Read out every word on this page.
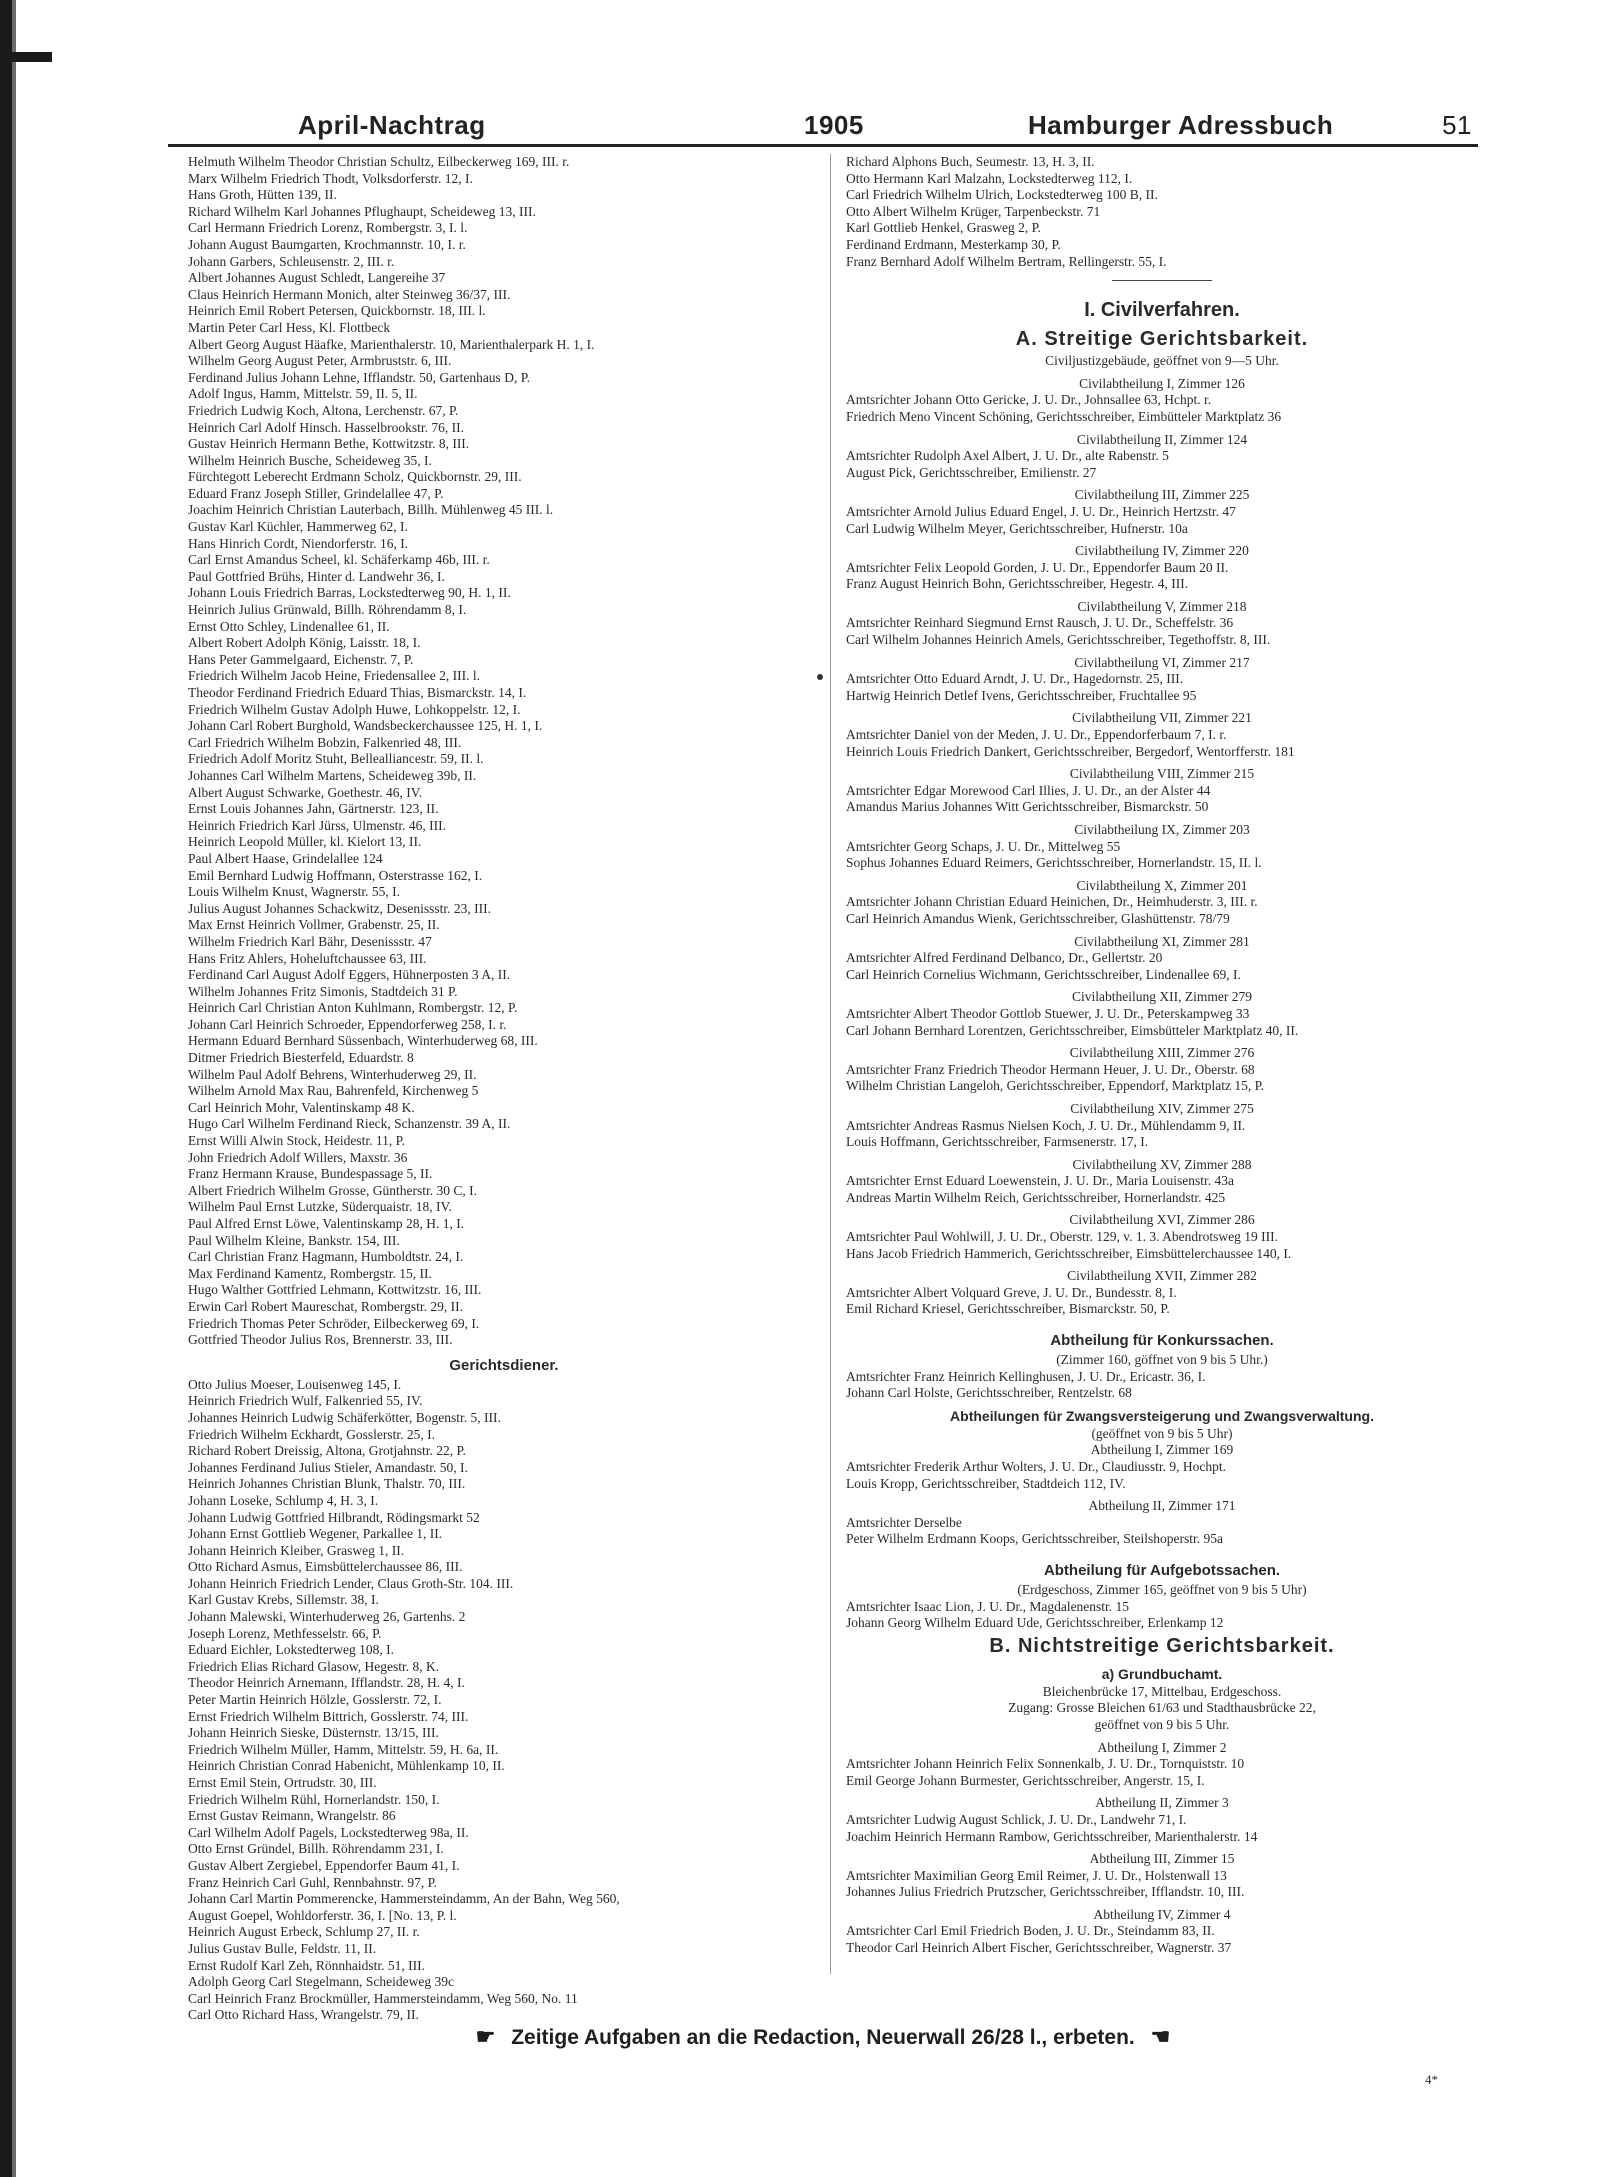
April-Nachtrag	1905	Hamburger Adressbuch	51
Helmuth Wilhelm Theodor Christian Schultz, Eilbeckerweg 169, III. r.
Marx Wilhelm Friedrich Thodt, Volksdorferstr. 12, I.
Hans Groth, Hütten 139, II.
Richard Wilhelm Karl Johannes Pflughaupt, Scheideweg 13, III.
Carl Hermann Friedrich Lorenz, Rombergstr. 3, I. l.
Johann August Baumgarten, Krochmannstr. 10, I. r.
Johann Garbers, Schleusenstr. 2, III. r.
Albert Johannes August Schledt, Langereihe 37
Claus Heinrich Hermann Monich, alter Steinweg 36/37, III.
Heinrich Emil Robert Petersen, Quickbornstr. 18, III. l.
Martin Peter Carl Hess, Kl. Flottbeck
Albert Georg August Häafke, Marienthalerstr. 10, Marienthalerpark H. 1, I.
Wilhelm Georg August Peter, Armbruststr. 6, III.
Ferdinand Julius Johann Lehne, Ifflandstr. 50, Gartenhaus D, P.
Adolf Ingus, Hamm, Mittelstr. 59, II. 5, II.
Friedrich Ludwig Koch, Altona, Lerchenstr. 67, P.
Heinrich Carl Adolf Hinsch. Hasselbrookstr. 76, II.
Gustav Heinrich Hermann Bethe, Kottwitzstr. 8, III.
Wilhelm Heinrich Busche, Scheideweg 35, I.
Fürchtegott Leberecht Erdmann Scholz, Quickbornstr. 29, III.
Eduard Franz Joseph Stiller, Grindelallee 47, P.
Joachim Heinrich Christian Lauterbach, Billh. Mühlenweg 45 III. l.
Gustav Karl Küchler, Hammerweg 62, I.
Hans Hinrich Cordt, Niendorferstr. 16, I.
Carl Ernst Amandus Scheel, kl. Schäferkamp 46b, III. r.
Paul Gottfried Brühs, Hinter d. Landwehr 36, I.
Johann Louis Friedrich Barras, Lockstedterweg 90, H. 1, II.
Heinrich Julius Grünwald, Billh. Röhrendamm 8, I.
Ernst Otto Schley, Lindenallee 61, II.
Albert Robert Adolph König, Laisstr. 18, I.
Hans Peter Gammelgaard, Eichenstr. 7, P.
Friedrich Wilhelm Jacob Heine, Friedensallee 2, III. l.
Theodor Ferdinand Friedrich Eduard Thias, Bismarckstr. 14, I.
Friedrich Wilhelm Gustav Adolph Huwe, Lohkoppelstr. 12, I.
Johann Carl Robert Burghold, Wandsbeckerchaussee 125, H. 1, I.
Carl Friedrich Wilhelm Bobzin, Falkenried 48, III.
Friedrich Adolf Moritz Stuht, Bellealliancestr. 59, II. l.
Johannes Carl Wilhelm Martens, Scheideweg 39b, II.
Albert August Schwarke, Goethestr. 46, IV.
Ernst Louis Johannes Jahn, Gärtnerstr. 123, II.
Heinrich Friedrich Karl Jürss, Ulmenstr. 46, III.
Heinrich Leopold Müller, kl. Kielort 13, II.
Paul Albert Haase, Grindelallee 124
Emil Bernhard Ludwig Hoffmann, Osterstrasse 162, I.
Louis Wilhelm Knust, Wagnerstr. 55, I.
Julius August Johannes Schackwitz, Desenissstr. 23, III.
Max Ernst Heinrich Vollmer, Grabenstr. 25, II.
Wilhelm Friedrich Karl Bähr, Desenissstr. 47
Hans Fritz Ahlers, Hoheluftchaussee 63, III.
Ferdinand Carl August Adolf Eggers, Hühnerposten 3 A, II.
Wilhelm Johannes Fritz Simonis, Stadtdeich 31 P.
Heinrich Carl Christian Anton Kuhlmann, Rombergstr. 12, P.
Johann Carl Heinrich Schroeder, Eppendorferweg 258, I. r.
Hermann Eduard Bernhard Süssenbach, Winterhuderweg 68, III.
Ditmer Friedrich Biesterfeld, Eduardstr. 8
Wilhelm Paul Adolf Behrens, Winterhuderweg 29, II.
Wilhelm Arnold Max Rau, Bahrenfeld, Kirchenweg 5
Carl Heinrich Mohr, Valentinskamp 48 K.
Hugo Carl Wilhelm Ferdinand Rieck, Schanzenstr. 39 A, II.
Ernst Willi Alwin Stock, Heidestr. 11, P.
John Friedrich Adolf Willers, Maxstr. 36
Franz Hermann Krause, Bundespassage 5, II.
Albert Friedrich Wilhelm Grosse, Güntherstr. 30 C, I.
Wilhelm Paul Ernst Lutzke, Süderquaistr. 18, IV.
Paul Alfred Ernst Löwe, Valentinskamp 28, H. 1, I.
Paul Wilhelm Kleine, Bankstr. 154, III.
Carl Christian Franz Hagmann, Humboldtstr. 24, I.
Max Ferdinand Kamentz, Rombergstr. 15, II.
Hugo Walther Gottfried Lehmann, Kottwitzstr. 16, III.
Erwin Carl Robert Maureschat, Rombergstr. 29, II.
Friedrich Thomas Peter Schröder, Eilbeckerweg 69, I.
Gottfried Theodor Julius Ros, Brennerstr. 33, III.
Gerichtsdiener.
Otto Julius Moeser, Louisenweg 145, I.
Heinrich Friedrich Wulf, Falkenried 55, IV.
Johannes Heinrich Ludwig Schäferkötter, Bogenstr. 5, III.
Friedrich Wilhelm Eckhardt, Gosslerstr. 25, I.
Richard Robert Dreissig, Altona, Grotjahnstr. 22, P.
Johannes Ferdinand Julius Stieler, Amandastr. 50, I.
Heinrich Johannes Christian Blunk, Thalstr. 70, III.
Johann Loseke, Schlump 4, H. 3, I.
Johann Ludwig Gottfried Hilbrandt, Rödingsmarkt 52
Johann Ernst Gottlieb Wegener, Parkallee 1, II.
Johann Heinrich Kleiber, Grasweg 1, II.
Otto Richard Asmus, Eimsbüttelerchaussee 86, III.
Johann Heinrich Friedrich Lender, Claus Groth-Str. 104. III.
Karl Gustav Krebs, Sillemstr. 38, I.
Johann Malewski, Winterhuderweg 26, Gartenhs. 2
Joseph Lorenz, Methfesselstr. 66, P.
Eduard Eichler, Lokstedterweg 108, I.
Friedrich Elias Richard Glasow, Hegestr. 8, K.
Theodor Heinrich Arnemann, Ifflandstr. 28, H. 4, I.
Peter Martin Heinrich Hölzle, Gosslerstr. 72, I.
Ernst Friedrich Wilhelm Bittrich, Gosslerstr. 74, III.
Johann Heinrich Sieske, Düsternstr. 13/15, III.
Friedrich Wilhelm Müller, Hamm, Mittelstr. 59, H. 6a, II.
Heinrich Christian Conrad Habenicht, Mühlenkamp 10, II.
Ernst Emil Stein, Ortrudstr. 30, III.
Friedrich Wilhelm Rühl, Hornerlandstr. 150, I.
Ernst Gustav Reimann, Wrangelstr. 86
Carl Wilhelm Adolf Pagels, Lockstedterweg 98a, II.
Otto Ernst Gründel, Billh. Röhrendamm 231, I.
Gustav Albert Zergiebel, Eppendorfer Baum 41, I.
Franz Heinrich Carl Guhl, Rennbahnstr. 97, P.
Johann Carl Martin Pommerencke, Hammersteindamm, An der Bahn, Weg 560,
August Goepel, Wohldorferstr. 36, I. [No. 13, P. l.
Heinrich August Erbeck, Schlump 27, II. r.
Julius Gustav Bulle, Feldstr. 11, II.
Ernst Rudolf Karl Zeh, Rönnhaidstr. 51, III.
Adolph Georg Carl Stegelmann, Scheideweg 39c
Carl Heinrich Franz Brockmüller, Hammersteindamm, Weg 560, No. 11
Carl Otto Richard Hass, Wrangelstr. 79, II.
Richard Alphons Buch, Seumestr. 13, H. 3, II.
Otto Hermann Karl Malzahn, Lockstedterweg 112, I.
Carl Friedrich Wilhelm Ulrich, Lockstedterweg 100 B, II.
Otto Albert Wilhelm Krüger, Tarpenbeckstr. 71
Karl Gottlieb Henkel, Grasweg 2, P.
Ferdinand Erdmann, Mesterkamp 30, P.
Franz Bernhard Adolf Wilhelm Bertram, Rellingerstr. 55, I.
I. Civilverfahren.
A. Streitige Gerichtsbarkeit.
Civiljustizgebäude, geöffnet von 9—5 Uhr.
Civilabtheilung I, Zimmer 126
Amtsrichter Johann Otto Gericke, J. U. Dr., Johnsallee 63, Hchpt. r.
Friedrich Meno Vincent Schöning, Gerichtsschreiber, Eimbütteler Marktplatz 36
Civilabtheilung II, Zimmer 124
Amtsrichter Rudolph Axel Albert, J. U. Dr., alte Rabenstr. 5
August Pick, Gerichtsschreiber, Emilienstr. 27
Civilabtheilung III, Zimmer 225
Amtsrichter Arnold Julius Eduard Engel, J. U. Dr., Heinrich Hertzstr. 47
Carl Ludwig Wilhelm Meyer, Gerichtsschreiber, Hufnerstr. 10a
Civilabtheilung IV, Zimmer 220
Amtsrichter Felix Leopold Gorden, J. U. Dr., Eppendorfer Baum 20 II.
Franz August Heinrich Bohn, Gerichtsschreiber, Hegestr. 4, III.
Civilabtheilung V, Zimmer 218
Amtsrichter Reinhard Siegmund Ernst Rausch, J. U. Dr., Scheffelstr. 36
Carl Wilhelm Johannes Heinrich Amels, Gerichtsschreiber, Tegethoffstr. 8, III.
Civilabtheilung VI, Zimmer 217
Amtsrichter Otto Eduard Arndt, J. U. Dr., Hagedornstr. 25, III.
Hartwig Heinrich Detlef Ivens, Gerichtsschreiber, Fruchtallee 95
Civilabtheilung VII, Zimmer 221
Amtsrichter Daniel von der Meden, J. U. Dr., Eppendorferbaum 7, I. r.
Heinrich Louis Friedrich Dankert, Gerichtsschreiber, Bergedorf, Wentorfferstr. 181
Civilabtheilung VIII, Zimmer 215
Amtsrichter Edgar Morewood Carl Illies, J. U. Dr., an der Alster 44
Amandus Marius Johannes Witt Gerichtsschreiber, Bismarckstr. 50
Civilabtheilung IX, Zimmer 203
Amtsrichter Georg Schaps, J. U. Dr., Mittelweg 55
Sophus Johannes Eduard Reimers, Gerichtsschreiber, Hornerlandstr. 15, II. l.
Civilabtheilung X, Zimmer 201
Amtsrichter Johann Christian Eduard Heinichen, Dr., Heimhuderstr. 3, III. r.
Carl Heinrich Amandus Wienk, Gerichtsschreiber, Glashüttenstr. 78/79
Civilabtheilung XI, Zimmer 281
Amtsrichter Alfred Ferdinand Delbanco, Dr., Gellertstr. 20
Carl Heinrich Cornelius Wichmann, Gerichtsschreiber, Lindenallee 69, I.
Civilabtheilung XII, Zimmer 279
Amtsrichter Albert Theodor Gottlob Stuewer, J. U. Dr., Peterskampweg 33
Carl Johann Bernhard Lorentzen, Gerichtsschreiber, Eimsbütteler Marktplatz 40, II.
Civilabtheilung XIII, Zimmer 276
Amtsrichter Franz Friedrich Theodor Hermann Heuer, J. U. Dr., Oberstr. 68
Wilhelm Christian Langeloh, Gerichtsschreiber, Eppendorf, Marktplatz 15, P.
Civilabtheilung XIV, Zimmer 275
Amtsrichter Andreas Rasmus Nielsen Koch, J. U. Dr., Mühlendamm 9, II.
Louis Hoffmann, Gerichtsschreiber, Farmsenerstr. 17, I.
Civilabtheilung XV, Zimmer 288
Amtsrichter Ernst Eduard Loewenstein, J. U. Dr., Maria Louisenstr. 43a
Andreas Martin Wilhelm Reich, Gerichtsschreiber, Hornerlandstr. 425
Civilabtheilung XVI, Zimmer 286
Amtsrichter Paul Wohlwill, J. U. Dr., Oberstr. 129, v. 1. 3. Abendrotsweg 19 III.
Hans Jacob Friedrich Hammerich, Gerichtsschreiber, Eimsbüttelerchaussee 140, I.
Civilabtheilung XVII, Zimmer 282
Amtsrichter Albert Volquard Greve, J. U. Dr., Bundesstr. 8, I.
Emil Richard Kriesel, Gerichtsschreiber, Bismarckstr. 50, P.
Abtheilung für Konkurssachen.
(Zimmer 160, göffnet von 9 bis 5 Uhr.)
Amtsrichter Franz Heinrich Kellinghusen, J. U. Dr., Ericastr. 36, I.
Johann Carl Holste, Gerichtsschreiber, Rentzelstr. 68
Abtheilungen für Zwangsversteigerung und Zwangsverwaltung.
(geöffnet von 9 bis 5 Uhr)
Abtheilung I, Zimmer 169
Amtsrichter Frederik Arthur Wolters, J. U. Dr., Claudiusstr. 9, Hochpt.
Louis Kropp, Gerichtsschreiber, Stadtdeich 112, IV.
Abtheilung II, Zimmer 171
Amtsrichter Derselbe
Peter Wilhelm Erdmann Koops, Gerichtsschreiber, Steilshoperstr. 95a
Abtheilung für Aufgebotssachen.
(Erdgeschoss, Zimmer 165, geöffnet von 9 bis 5 Uhr)
Amtsrichter Isaac Lion, J. U. Dr., Magdalenenstr. 15
Johann Georg Wilhelm Eduard Ude, Gerichtsschreiber, Erlenkamp 12
B. Nichtstreitige Gerichtsbarkeit.
a) Grundbuchamt.
Bleichenbrücke 17, Mittelbau, Erdgeschoss.
Zugang: Grosse Bleichen 61/63 und Stadthausbrücke 22,
geöffnet von 9 bis 5 Uhr.
Abtheilung I, Zimmer 2
Amtsrichter Johann Heinrich Felix Sonnenkalb, J. U. Dr., Tornquiststr. 10
Emil George Johann Burmester, Gerichtsschreiber, Angerstr. 15, I.
Abtheilung II, Zimmer 3
Amtsrichter Ludwig August Schlick, J. U. Dr., Landwehr 71, I.
Joachim Heinrich Hermann Rambow, Gerichtsschreiber, Marienthalerstr. 14
Abtheilung III, Zimmer 15
Amtsrichter Maximilian Georg Emil Reimer, J. U. Dr., Holstenwall 13
Johannes Julius Friedrich Prutzscher, Gerichtsschreiber, Ifflandstr. 10, III.
Abtheilung IV, Zimmer 4
Amtsrichter Carl Emil Friedrich Boden, J. U. Dr., Steindamm 83, II.
Theodor Carl Heinrich Albert Fischer, Gerichtsschreiber, Wagnerstr. 37
☛ Zeitige Aufgaben an die Redaction, Neuerwall 26/28 l., erbeten. ☚
4*
